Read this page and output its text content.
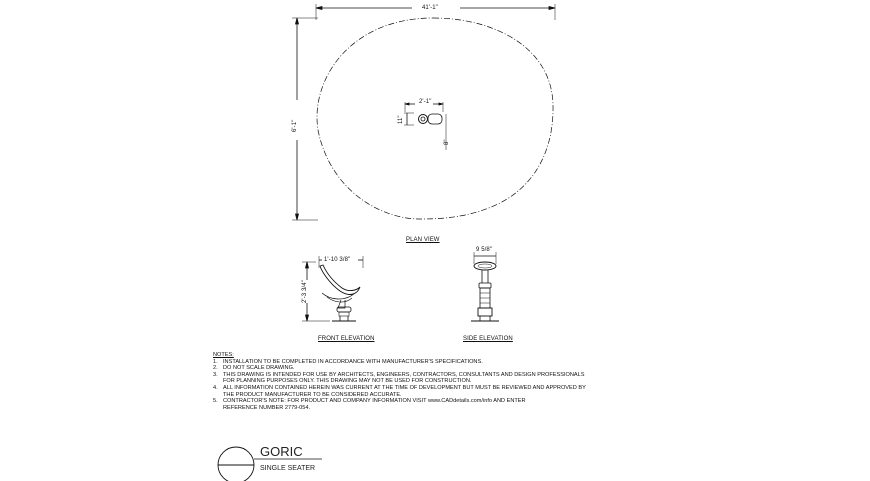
41'-1"
6'-1"
2'-1"
11"
8"
PLAN VIEW
1'-10 3/8"
2'-3 3/4"
9 5/8"
FRONT ELEVATION	SIDE ELEVATION
NOTES:
1. INSTALLATION TO BE COMPLETED IN ACCORDANCE WITH MANUFACTURER'S SPECIFICATIONS.
2. DO NOT SCALE DRAWING.
3. THIS DRAWING IS INTENDED FOR USE BY ARCHITECTS, ENGINEERS, CONTRACTORS, CONSULTANTS AND DESIGN PROFESSIONALS
FOR PLANNING PURPOSES ONLY. THIS DRAWING MAY NOT BE USED FOR CONSTRUCTION.
4. ALL INFORMATION CONTAINED HEREIN WAS CURRENT AT THE TIME OF DEVELOPMENT BUT MUST BE REVIEWED AND APPROVED BY
THE PRODUCT MANUFACTURER TO BE CONSIDERED ACCURATE.
5. CONTRACTOR'S NOTE: FOR PRODUCT AND COMPANY INFORMATION VISIT www.CADdetails.com/info AND ENTER
REFERENCE NUMBER 2779-054.
GORIC
SINGLE SEATER
